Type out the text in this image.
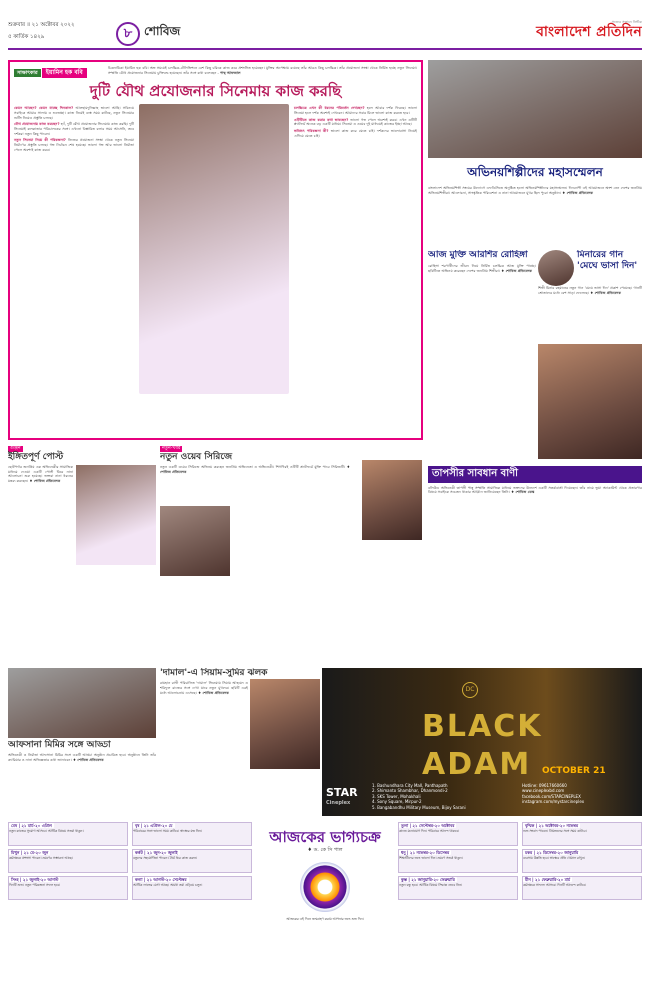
শুক্রবার ॥ ২১ অক্টোবর ২০২২
৫ কার্তিক ১৪২৯	৮ শোবিজ
সত্যের সন্ধানে নির্ভীক
বাংলাদেশ প্রতিদিন
সাক্ষাৎকার ইয়ামিন হক ববি
চিত্রনায়িকা ইয়ামিন হক ববি। অল্প সময়েই চলচ্চিত্র-টেলিভিশনে বেশ কিছু চরিত্রে কাজ করে প্রশংসিত হয়েছেন। মুক্তির অপেক্ষায় রয়েছে তাঁর আরও কিছু চলচ্চিত্র। তাঁর প্রযোজনা সংস্থা থেকে নির্মিত হচ্ছে নতুন সিনেমা। সম্প্রতি যৌথ প্রযোজনার সিনেমায় চুক্তিবদ্ধ হয়েছেন। তাঁর সঙ্গে কথা বলেছেন - পান্থ আফজাল
দুটি যৌথ প্রযোজনার সিনেমায় কাজ করছি
কেমন আছেন? কেমন যাচ্ছে দিনকাল? আলহামদুলিল্লাহ ভালো আছি। সবিনয়ে সবাইকে আমার সালাম ও শুভেচ্ছা। কাজ নিয়েই ব্যস্ত সময় কাটছে, নতুন সিনেমার শুটিং নিয়েও প্রস্তুতি চলছে।
যৌথ প্রযোজনায় কাজ করছেন? হ্যাঁ, দুটি যৌথ প্রযোজনার সিনেমায় কাজ করছি। দুটি সিনেমাই কলকাতার পরিচালকের সঙ্গে। এখনো বিস্তারিত বলার সময় আসেনি, তবে দর্শকরা নতুন কিছু পাবেন।
নতুন সিনেমা নিয়ে কী পরিকল্পনা? নিজের প্রযোজনা সংস্থা থেকে নতুন সিনেমা নির্মাণের প্রস্তুতি চলছে। গল্প নির্বাচন শেষ হয়েছে। ভালো গল্প আর ভালো নির্মাতা পেলে অবশ্যই কাজ করব।
চলচ্চিত্রে এখন কী ধরনের পরিবর্তন দেখছেন? হলে আবার দর্শক ফিরছে। ভালো সিনেমা হলে দর্শক অবশ্যই দেখবেন। আমাদের সবার মিলে ভালো কাজ করতে হবে।
ওটিটিতে কাজ করার কথা ভাবছেন? ভালো গল্প পেলে অবশ্যই করব। এখন ওটিটি প্ল্যাটফর্ম অনেক বড় একটি মাধ্যম। সিনেমা ও ওয়েব দুই মাধ্যমেই কাজের ইচ্ছা আছে।
ভবিষ্যৎ পরিকল্পনা কী? ভালো কাজ করে যেতে চাই। দর্শকদের ভালোবাসা নিয়েই এগিয়ে যেতে চাই।
অভিনয়শিল্পীদের মহাসম্মেলন
বাংলাদেশ অভিনয়শিল্পী সংঘের উদ্যোগে এফডিসিতে অনুষ্ঠিত হলো অভিনয়শিল্পীদের মহাসম্মেলন। দিনব্যাপী এই আয়োজনে অংশ নেন দেশের জনপ্রিয় অভিনয়শিল্পীরা। আলোচনা, সাংস্কৃতিক পরিবেশনা ও নানা আয়োজনে মুখর ছিল পুরো অনুষ্ঠান। ♦ শোবিজ প্রতিবেদক
আজ মুক্তি আরশির রোহিঙ্গা
রোহিঙ্গা শরণার্থীদের জীবন নিয়ে নির্মিত চলচ্চিত্র আজ মুক্তি পাচ্ছে। ছবিটিতে অভিনয় করেছেন দেশের জনপ্রিয় শিল্পীরা। ♦ শোবিজ প্রতিবেদক
মিনারের গান 'মেঘে ভাসা দিন'
শিল্পী মিনার রহমানের নতুন গান 'মেঘে ভাসা দিন' প্রকাশ পেয়েছে। গানটি শ্রোতাদের মধ্যে বেশ সাড়া ফেলেছে। ♦ শোবিজ প্রতিবেদক
তাপসীর সাবধান বাণী
বলিউড অভিনেত্রী তাপসী পান্নু সম্প্রতি সামাজিক মাধ্যমে ভক্তদের উদ্দেশে একটি সতর্কবার্তা দিয়েছেন। তাঁর নামে ভুয়া অ্যাকাউন্ট থেকে প্রতারণার বিষয়ে সবাইকে সচেতন থাকার আহ্বান জানিয়েছেন তিনি। ♦ শোবিজ ডেস্ক
গুঞ্জন
ইঙ্গিতপূর্ণ পোস্ট
ছোটপর্দার জনপ্রিয় এক অভিনেত্রীর সামাজিক মাধ্যমে দেওয়া একটি পোস্ট ঘিরে নানা আলোচনা শুরু হয়েছে। ভক্তরা নানা ধরনের মন্তব্য করছেন। ♦ শোবিজ প্রতিবেদক
নতুন-খবর
নতুন ওয়েব সিরিজে
নতুন একটি ওয়েব সিরিজে অভিনয় করছেন জনপ্রিয় অভিনেতা ও অভিনেত্রী। শিগগিরই ওটিটি প্ল্যাটফর্মে মুক্তি পাবে সিরিজটি। ♦ শোবিজ প্রতিবেদক
আফসানা মিমির সঙ্গে আড্ডা
অভিনেত্রী ও নির্মাতা আফসানা মিমির সঙ্গে একটি আড্ডা অনুষ্ঠান প্রচারিত হবে। অনুষ্ঠানে তিনি তাঁর ক্যারিয়ার ও নানা অভিজ্ঞতার কথা জানাবেন। ♦ শোবিজ প্রতিবেদক
'দামাল'-এ সিয়াম-সুমির ঝলক
রায়হান রাফী পরিচালিত 'দামাল' সিনেমায় সিয়াম আহমেদ ও শরিফুল রাজের সঙ্গে দেখা যাবে নতুন মুখদের। ছবিটি এরই মধ্যে আলোচনায় এসেছে। ♦ শোবিজ প্রতিবেদক	DC
BLACK ADAM	OCTOBER 21
STAR
Cineplex
1. Bashundhara City Mall, Panthapath
2. Shimanto Shambhar, Dhanmondi-2
3. SKS Tower, Mohakhali
4. Sony Square, Mirpur-2
5. Bangabandhu Military Museum, Bijoy Sarani
Hotline: 09617660660
www.cineplexbd.com
facebook.com/STARCINEPLEX
instagram.com/mystarcineplex
আজকের ভাগ্যচক্র
♦ ড. কে সি পাল
আজকের এই দিনে জন্মগ্রহণ করায় আপনার জন্য শুভ দিন।
মেষ | ২১ মার্চ-২০ এপ্রিল
নতুন কাজের সুযোগ আসবে। আর্থিক বিষয়ে সতর্ক থাকুন।
বৃষ | ২১ এপ্রিল-২০ মে
পরিবারের সঙ্গে ভালো সময় কাটবে। স্বাস্থ্যের যত্ন নিন।
মিথুন | ২১ মে-২০ জুন
কর্মক্ষেত্রে প্রশংসা পাবেন। ভ্রমণের সম্ভাবনা আছে।
কর্কট | ২১ জুন-২০ জুলাই
বন্ধুদের সহযোগিতা পাবেন। ধৈর্য ধরে কাজ করুন।
সিংহ | ২১ জুলাই-২০ আগস্ট
দিনটি শুভ। নতুন পরিকল্পনা সফল হবে।
কন্যা | ২১ আগস্ট-২০ সেপ্টেম্বর
আর্থিক লাভের যোগ আছে। অযথা তর্ক এড়িয়ে চলুন।
তুলা | ২১ সেপ্টেম্বর-২০ অক্টোবর
কাজে মনোযোগ দিন। পরিবারে আনন্দ থাকবে।
বৃশ্চিক | ২১ অক্টোবর-২০ নভেম্বর
শুভ সংবাদ পাবেন। প্রিয়জনের সঙ্গে সময় কাটবে।
ধনু | ২১ নভেম্বর-২০ ডিসেম্বর
শিক্ষার্থীদের জন্য ভালো দিন। ভ্রমণে সতর্ক থাকুন।
মকর | ২১ ডিসেম্বর-২০ জানুয়ারি
ব্যবসায় উন্নতি হবে। স্বাস্থ্যের প্রতি খেয়াল রাখুন।
কুম্ভ | ২১ জানুয়ারি-২০ ফেব্রুয়ারি
নতুন বন্ধু হবে। আর্থিক বিষয়ে সিদ্ধান্ত ভেবে নিন।
মীন | ২১ ফেব্রুয়ারি-২০ মার্চ
কর্মক্ষেত্রে সাফল্য আসবে। দিনটি আনন্দে কাটবে।
